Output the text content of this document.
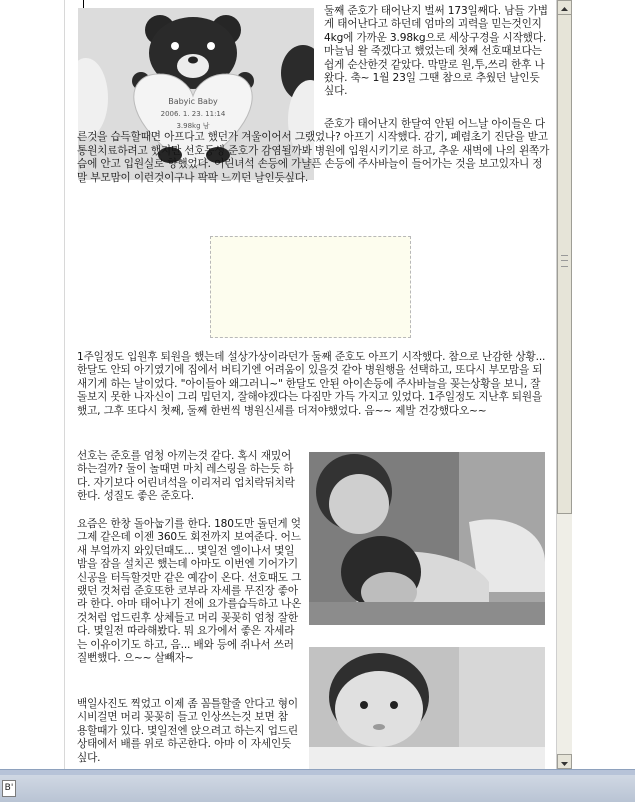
Babyic Baby
2006. 1. 23. 11:14
3.98kg 남

둘째 준호가 태어난지 벌써 173일째다. 남들 가볍게 태어난다고 하던데 엄마의 괴력을 믿는것인지 4kg에 가까운 3.98kg으로 세상구경을 시작했다. 마늘님 왈 죽겠다고 했었는데 첫째 선호때보다는 쉽게 순산한것 같았다. 막말로 원,투,쓰리 한후 나왔다. 축~ 1월 23일 그땐 참으로 추웠던 날인듯 싶다.

준호가 태어난지 한달여 안된 어느날 아이들은 다른것을 습득할때면 아프다고 했던가 겨울이어서 그랬었나? 아프기 시작했다. 감기, 폐렴초기 진단을 받고 통원치료하려고 했지만 선호동생 준호가 감염될까봐 병원에 입원시키기로 하고, 추운 새벽에 나의 왼쪽가슴에 안고 입원실로 향했었다. 어린녀석 손등에 가냘픈 손등에 주사바늘이 들어가는 것을 보고있자니 정말 부모맘이 이런것이구나 팍팍 느끼던 날인듯싶다.

1주일정도 입원후 퇴원을 했는데 설상가상이라던가 둘째 준호도 아프기 시작했다. 참으로 난감한 상황... 한달도 안되 아기였기에 집에서 버티기엔 어려움이 있을것 같아 병원행을 선택하고, 또다시 부모맘을 되새기게 하는 날이었다. "아이들아 왜그러니~" 한달도 안된 아이손등에 주사바늘을 꽂는상황을 보니, 잘 돌보지 못한 나자신이 그리 밉던지, 잘해야겠다는 다짐만 가득 가지고 있었다. 1주일정도 지난후 퇴원을 했고, 그후 또다시 첫째, 둘째 한번씩 병원신세를 더져야했었다. 음~~ 제발 건강했다오~~

선호는 준호를 엄청 아끼는것 같다. 혹시 재밌어 하는걸까? 둘이 놀때면 마치 레스링을 하는듯 하다. 자기보다 어린녀석을 이리저리 업치락뒤치락 한다. 성질도 좋은 준호다.

요즘은 한창 돌아눕기를 한다. 180도만 돌던게 엊그제 같은데 이젠 360도 회전까지 보여준다. 어느새 부엌까지 와있던때도... 몇일전 엘이나서 몇일밤을 잠을 설치곤 했는데 아마도 이번엔 기어가기 신공을 터득할것만 같은 예감이 온다. 선호때도 그랬던 것처럼 준호또한 코부라 자세를 무진장 좋아라 한다. 아마 태어나기 전에 요가를습득하고 나온것처럼 업드린후 상체들고 머리 꽂꽂히 엄청 잘한다. 몇일전 따라해봤다. 뭐 요가에서 좋은 자세라는 이유이기도 하고, 음... 배와 등에 쥐나서 쓰러질뻔했다. 으~~ 살빼자~

백일사진도 찍었고 이제 좀 꼼틀할줄 안다고 형이 시비걸면 머리 꽂꽂히 들고 인상쓰는것 보면 참 용할때가 있다. 몇일전엔 앉으려고 하는지 업드린상태에서 배를 위로 하곤한다. 아마 이 자세인듯 싶다.

B'
